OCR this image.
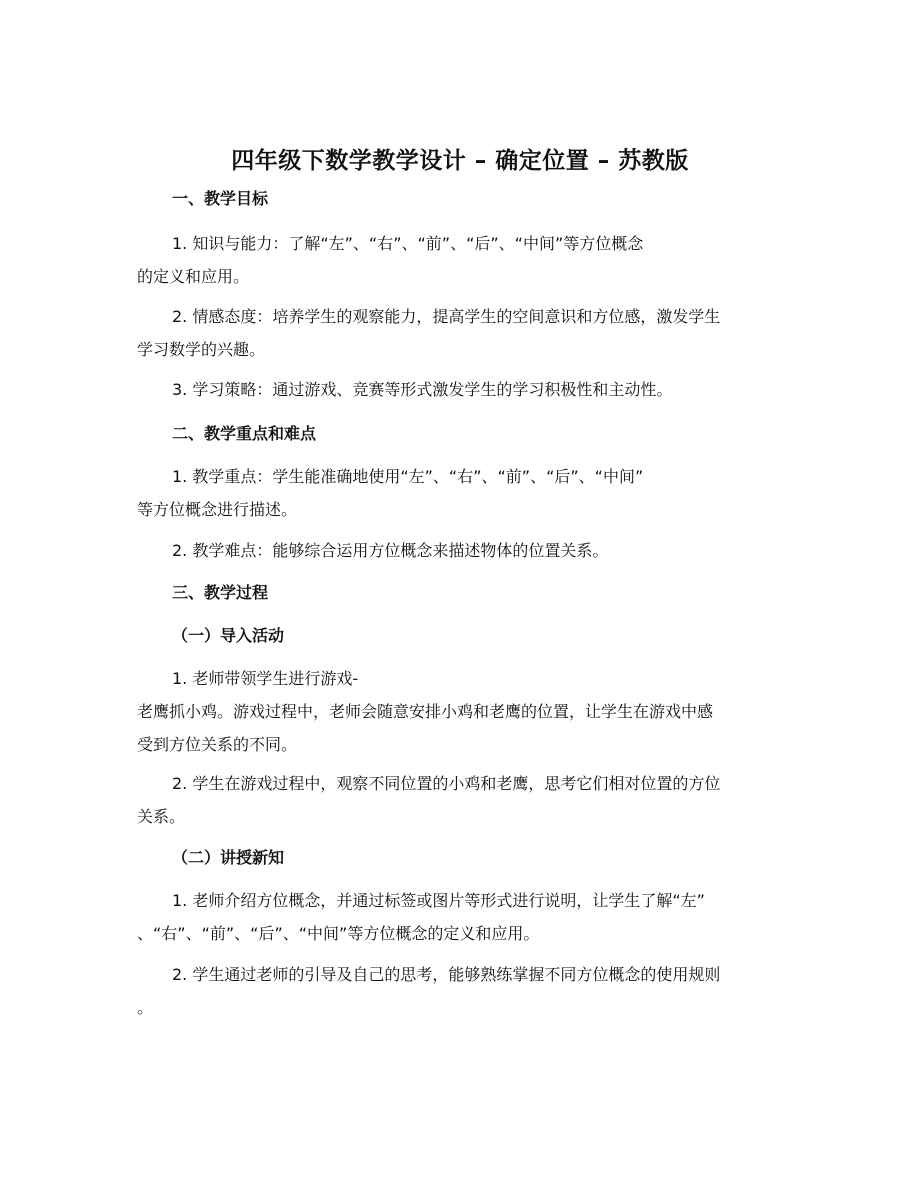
四年级下数学教学设计 – 确定位置 – 苏教版
一、教学目标
1. 知识与能力：了解“左”、“右”、“前”、“后”、“中间”等方位概念
的定义和应用。
2. 情感态度：培养学生的观察能力，提高学生的空间意识和方位感，激发学生
学习数学的兴趣。
3. 学习策略：通过游戏、竞赛等形式激发学生的学习积极性和主动性。
二、教学重点和难点
1. 教学重点：学生能准确地使用“左”、“右”、“前”、“后”、“中间”
等方位概念进行描述。
2. 教学难点：能够综合运用方位概念来描述物体的位置关系。
三、教学过程
（一）导入活动
1. 老师带领学生进行游戏-
老鹰抓小鸡。游戏过程中，老师会随意安排小鸡和老鹰的位置，让学生在游戏中感
受到方位关系的不同。
2. 学生在游戏过程中，观察不同位置的小鸡和老鹰，思考它们相对位置的方位
关系。
（二）讲授新知
1. 老师介绍方位概念，并通过标签或图片等形式进行说明，让学生了解“左”
、“右”、“前”、“后”、“中间”等方位概念的定义和应用。
2. 学生通过老师的引导及自己的思考，能够熟练掌握不同方位概念的使用规则
。
